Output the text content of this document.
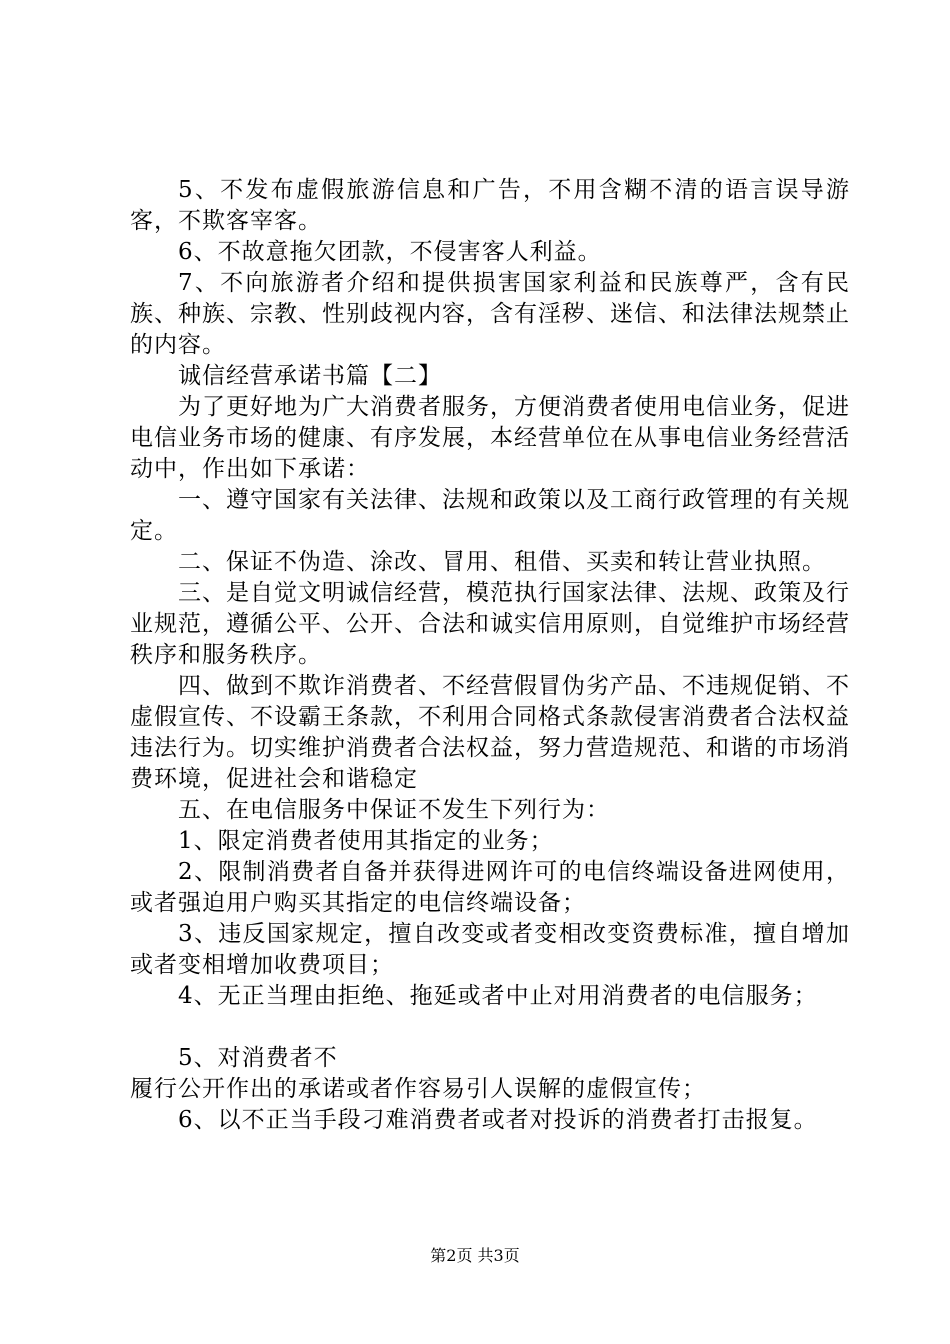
5、不发布虚假旅游信息和广告，不用含糊不清的语言误导游客，不欺客宰客。

6、不故意拖欠团款，不侵害客人利益。

7、不向旅游者介绍和提供损害国家利益和民族尊严，含有民族、种族、宗教、性别歧视内容，含有淫秽、迷信、和法律法规禁止的内容。

诚信经营承诺书篇【二】

为了更好地为广大消费者服务，方便消费者使用电信业务，促进电信业务市场的健康、有序发展，本经营单位在从事电信业务经营活动中，作出如下承诺：

一、遵守国家有关法律、法规和政策以及工商行政管理的有关规定。

二、保证不伪造、涂改、冒用、租借、买卖和转让营业执照。

三、是自觉文明诚信经营，模范执行国家法律、法规、政策及行业规范，遵循公平、公开、合法和诚实信用原则，自觉维护市场经营秩序和服务秩序。

四、做到不欺诈消费者、不经营假冒伪劣产品、不违规促销、不虚假宣传、不设霸王条款，不利用合同格式条款侵害消费者合法权益违法行为。切实维护消费者合法权益，努力营造规范、和谐的市场消费环境，促进社会和谐稳定

五、在电信服务中保证不发生下列行为：

1、限定消费者使用其指定的业务；

2、限制消费者自备并获得进网许可的电信终端设备进网使用，或者强迫用户购买其指定的电信终端设备；

3、违反国家规定，擅自改变或者变相改变资费标准，擅自增加或者变相增加收费项目；

4、无正当理由拒绝、拖延或者中止对用消费者的电信服务；

5、对消费者不

履行公开作出的承诺或者作容易引人误解的虚假宣传；

6、以不正当手段刁难消费者或者对投诉的消费者打击报复。

第2页 共3页
